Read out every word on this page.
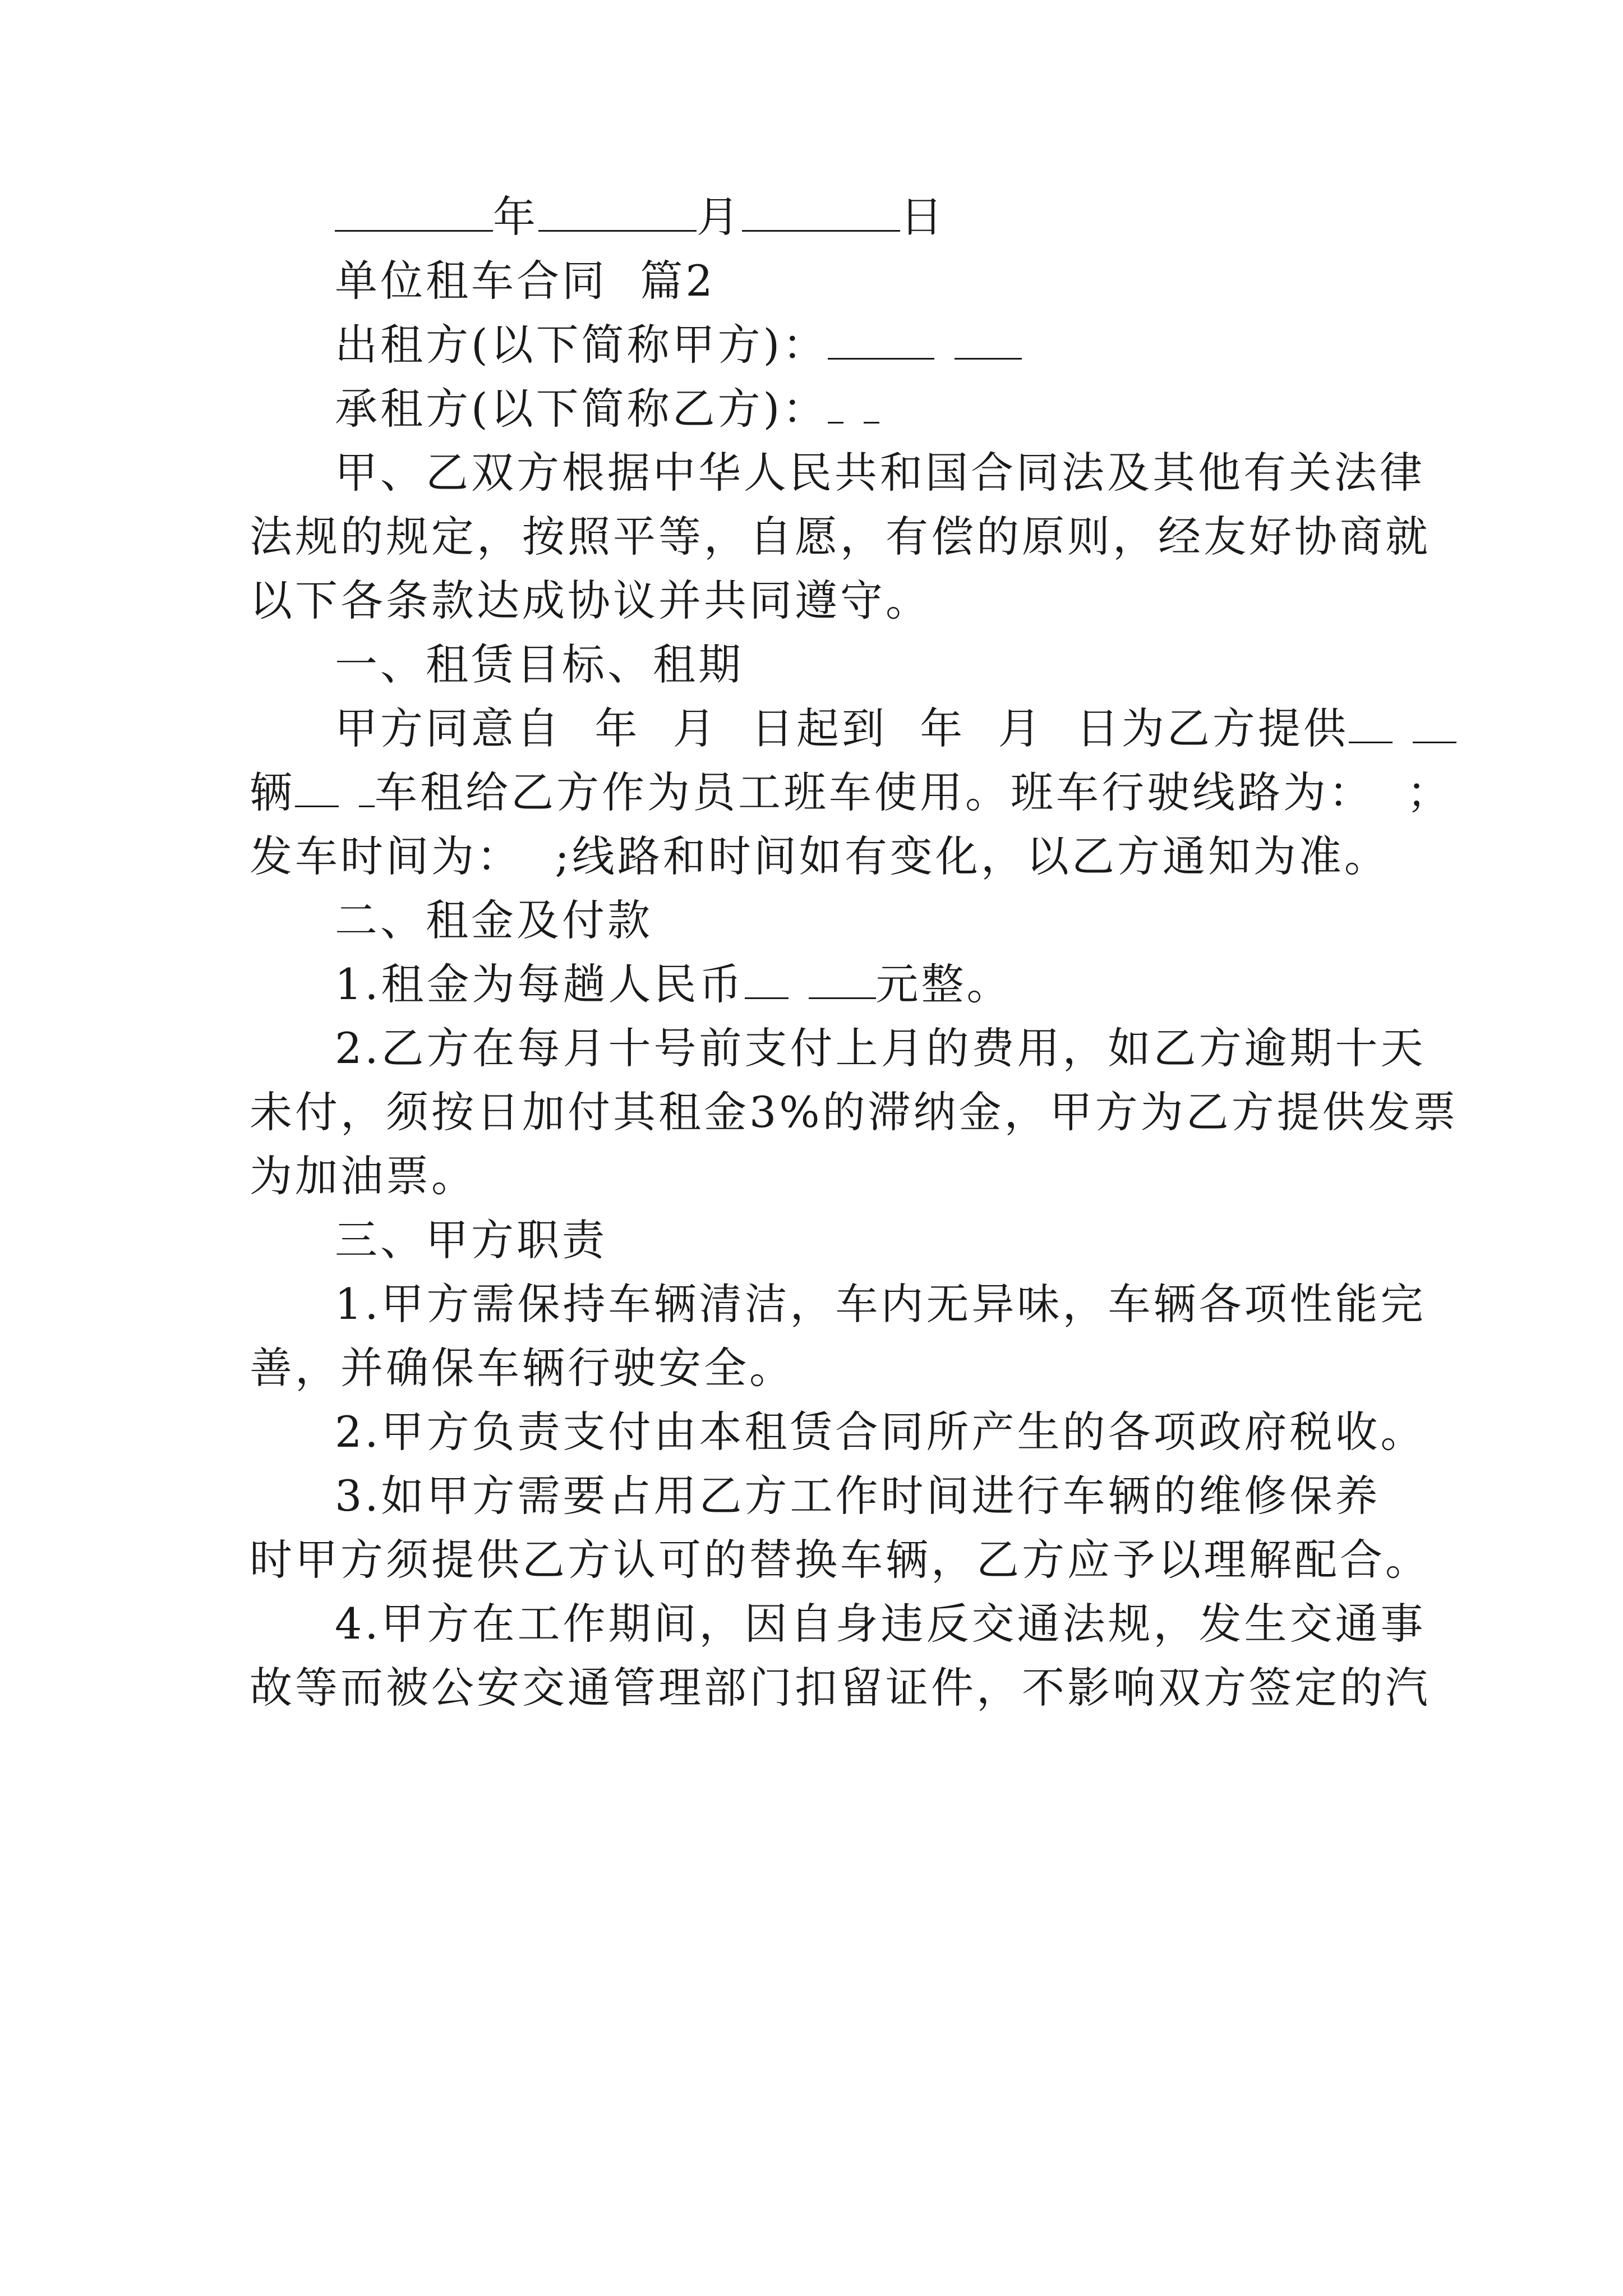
年	月	日

单位租车合同  篇2

出租方(以下简称甲方)：

承租方(以下简称乙方)：

甲、乙双方根据中华人民共和国合同法及其他有关法律

法规的规定，按照平等，自愿，有偿的原则，经友好协商就

以下各条款达成协议并共同遵守。

一、租赁目标、租期

甲方同意自  年  月  日起到  年  月  日为乙方提供

辆 车租给乙方作为员工班车使用。班车行驶线路为：  ；

发车时间为：  ;线路和时间如有变化，以乙方通知为准。

二、租金及付款

1.租金为每趟人民币	元整。

2.乙方在每月十号前支付上月的费用，如乙方逾期十天

未付，须按日加付其租金3%的滞纳金，甲方为乙方提供发票

为加油票。

三、甲方职责

1.甲方需保持车辆清洁，车内无异味，车辆各项性能完

善，并确保车辆行驶安全。

2.甲方负责支付由本租赁合同所产生的各项政府税收。

3.如甲方需要占用乙方工作时间进行车辆的维修保养

时甲方须提供乙方认可的替换车辆，乙方应予以理解配合。

4.甲方在工作期间，因自身违反交通法规，发生交通事

故等而被公安交通管理部门扣留证件，不影响双方签定的汽
